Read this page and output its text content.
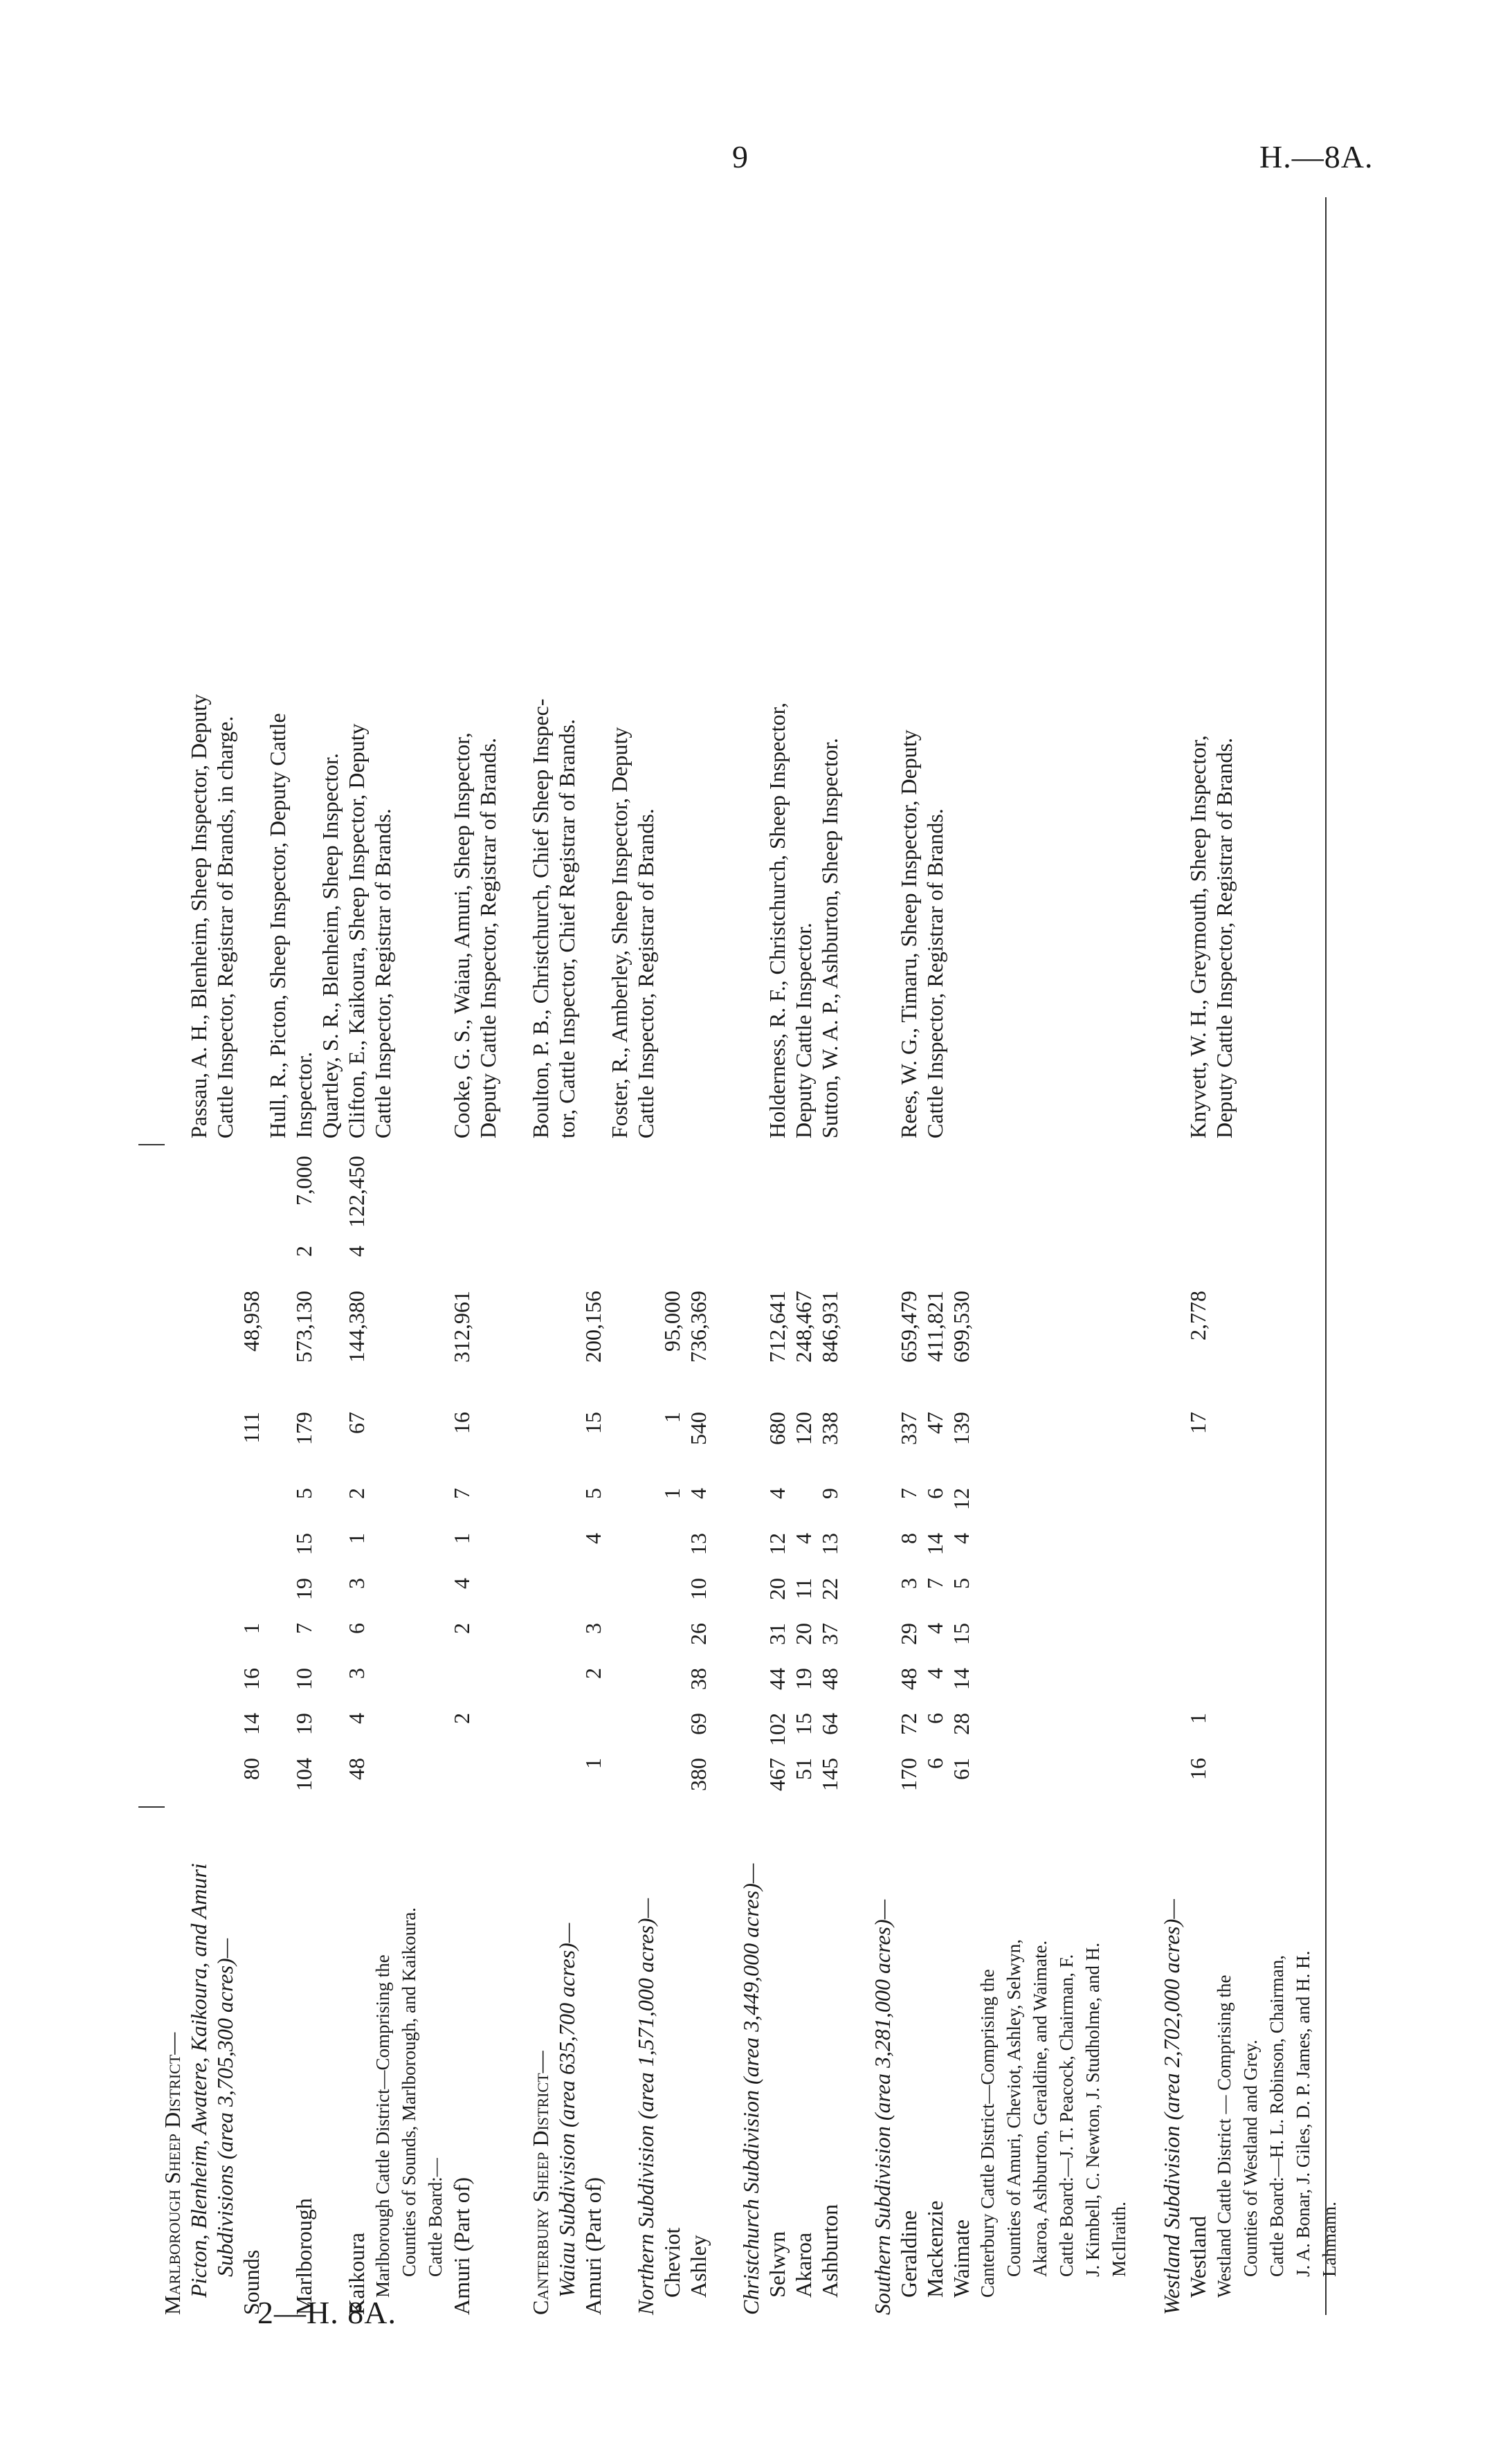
9	H.—8A.
2—H. 8A.
Marlborough Sheep District— Picton, Blenheim, Awatere, Kaikoura, and Amuri
Passau, A. H., Blenheim, Sheep Inspector, Deputy
Subdivisions (area 3,705,300 acres)—
Cattle Inspector, Registrar of Brands, in charge.
Sounds
80
14
16
1
111
48,958
Hull, R., Picton, Sheep Inspector, Deputy Cattle
Marlborough
104
19
10
7
19
15
5
179
573,130
2
7,000
Inspector. Quartley, S. R., Blenheim, Sheep Inspector.
Kaikoura
48
4
3
6
3
1
2
67
144,380
4
122,450
Clifton, E., Kaikoura, Sheep Inspector, Deputy
Marlborough Cattle District—Comprising the
Cattle Inspector, Registrar of Brands.
Counties of Sounds, Marlborough, and Kaikoura. Cattle Board:— Amuri (Part of)
2
2
4
1
7
16
312,961
Cooke, G. S., Waiau, Amuri, Sheep Inspector, Deputy Cattle Inspector, Registrar of Brands.
Canterbury Sheep District—
Boulton, P. B., Christchurch, Chief Sheep Inspec-
Waiau Subdivision (area 635,700 acres)—
tor, Cattle Inspector, Chief Registrar of Brands.
Amuri (Part of)
1
2
3
4
5
15
200,156
Foster, R., Amberley, Sheep Inspector, Deputy
Northern Subdivision (area 1,571,000 acres)—
Cattle Inspector, Registrar of Brands.
Cheviot
1
1
95,000
Ashley
380
69
38
26
10
13
4
540
736,369
Christchurch Subdivision (area 3,449,000 acres)— Selwyn
467
102
44
31
20
12
4
680
712,641
Holderness, R. F., Christchurch, Sheep Inspector,
Akaroa
51
15
19
20
11
4
120
248,467
Deputy Cattle Inspector.
Ashburton
145
64
48
37
22
13
9
338
846,931
Sutton, W. A. P., Ashburton, Sheep Inspector.
Southern Subdivision (area 3,281,000 acres)— Geraldine
170
72
48
29
3
8
7
337
659,479
Rees, W. G., Timaru, Sheep Inspector, Deputy
Mackenzie
6
6
4
4
7
14
6
47
411,821
Cattle Inspector, Registrar of Brands.
Waimate
61
28
14
15
5
4
12
139
699,530
Canterbury Cattle District—Comprising the Counties of Amuri, Cheviot, Ashley, Selwyn, Akaroa, Ashburton, Geraldine, and Waimate. Cattle Board:—J. T. Peacock, Chairman, F. J. Kimbell, C. Newton, J. Studholme, and H. McIlraith. Westland Subdivision (area 2,702,000 acres)— Westland
16
1
17
2,778
Knyvett, W. H., Greymouth, Sheep Inspector,
Westland Cattle District — Comprising the
Deputy Cattle Inspector, Registrar of Brands.
Counties of Westland and Grey. Cattle Board:—H. L. Robinson, Chairman, J. A. Bonar, J. Giles, D. P. James, and H. H. Lahmann.
